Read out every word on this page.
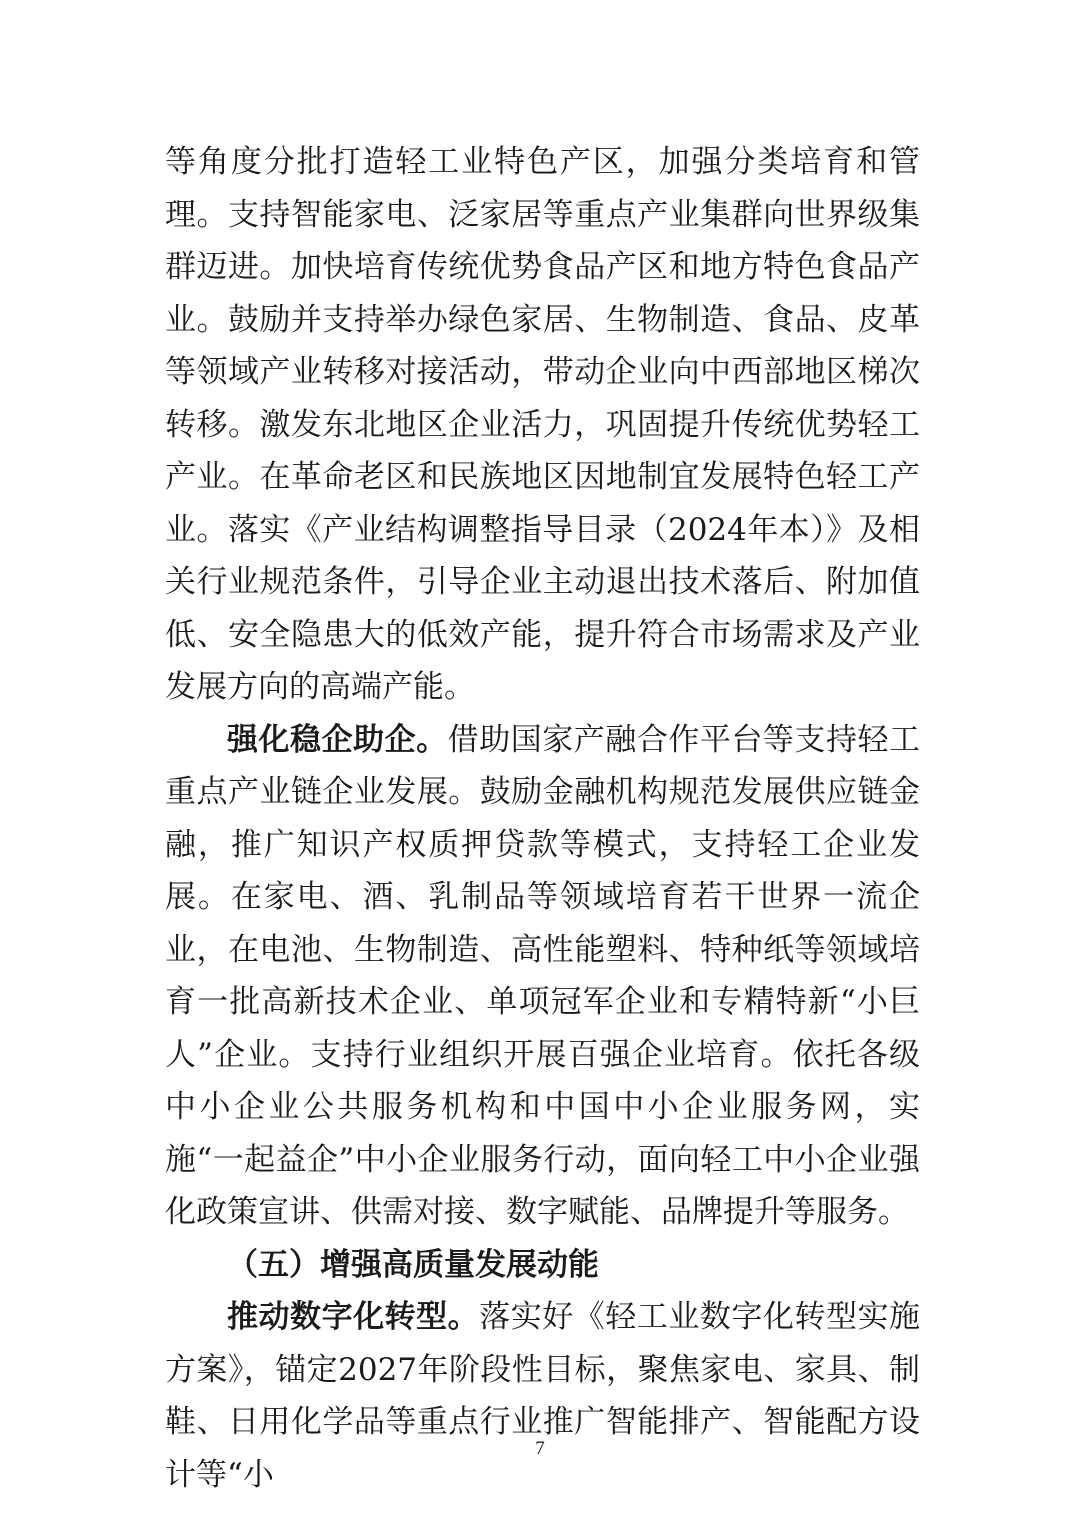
等角度分批打造轻工业特色产区，加强分类培育和管理。支持智能家电、泛家居等重点产业集群向世界级集群迈进。加快培育传统优势食品产区和地方特色食品产业。鼓励并支持举办绿色家居、生物制造、食品、皮革等领域产业转移对接活动，带动企业向中西部地区梯次转移。激发东北地区企业活力，巩固提升传统优势轻工产业。在革命老区和民族地区因地制宜发展特色轻工产业。落实《产业结构调整指导目录（2024年本）》及相关行业规范条件，引导企业主动退出技术落后、附加值低、安全隐患大的低效产能，提升符合市场需求及产业发展方向的高端产能。

强化稳企助企。借助国家产融合作平台等支持轻工重点产业链企业发展。鼓励金融机构规范发展供应链金融，推广知识产权质押贷款等模式，支持轻工企业发展。在家电、酒、乳制品等领域培育若干世界一流企业，在电池、生物制造、高性能塑料、特种纸等领域培育一批高新技术企业、单项冠军企业和专精特新“小巨人”企业。支持行业组织开展百强企业培育。依托各级中小企业公共服务机构和中国中小企业服务网，实施“一起益企”中小企业服务行动，面向轻工中小企业强化政策宣讲、供需对接、数字赋能、品牌提升等服务。

（五）增强高质量发展动能

推动数字化转型。落实好《轻工业数字化转型实施方案》，锚定2027年阶段性目标，聚焦家电、家具、制鞋、日用化学品等重点行业推广智能排产、智能配方设计等“小

7
